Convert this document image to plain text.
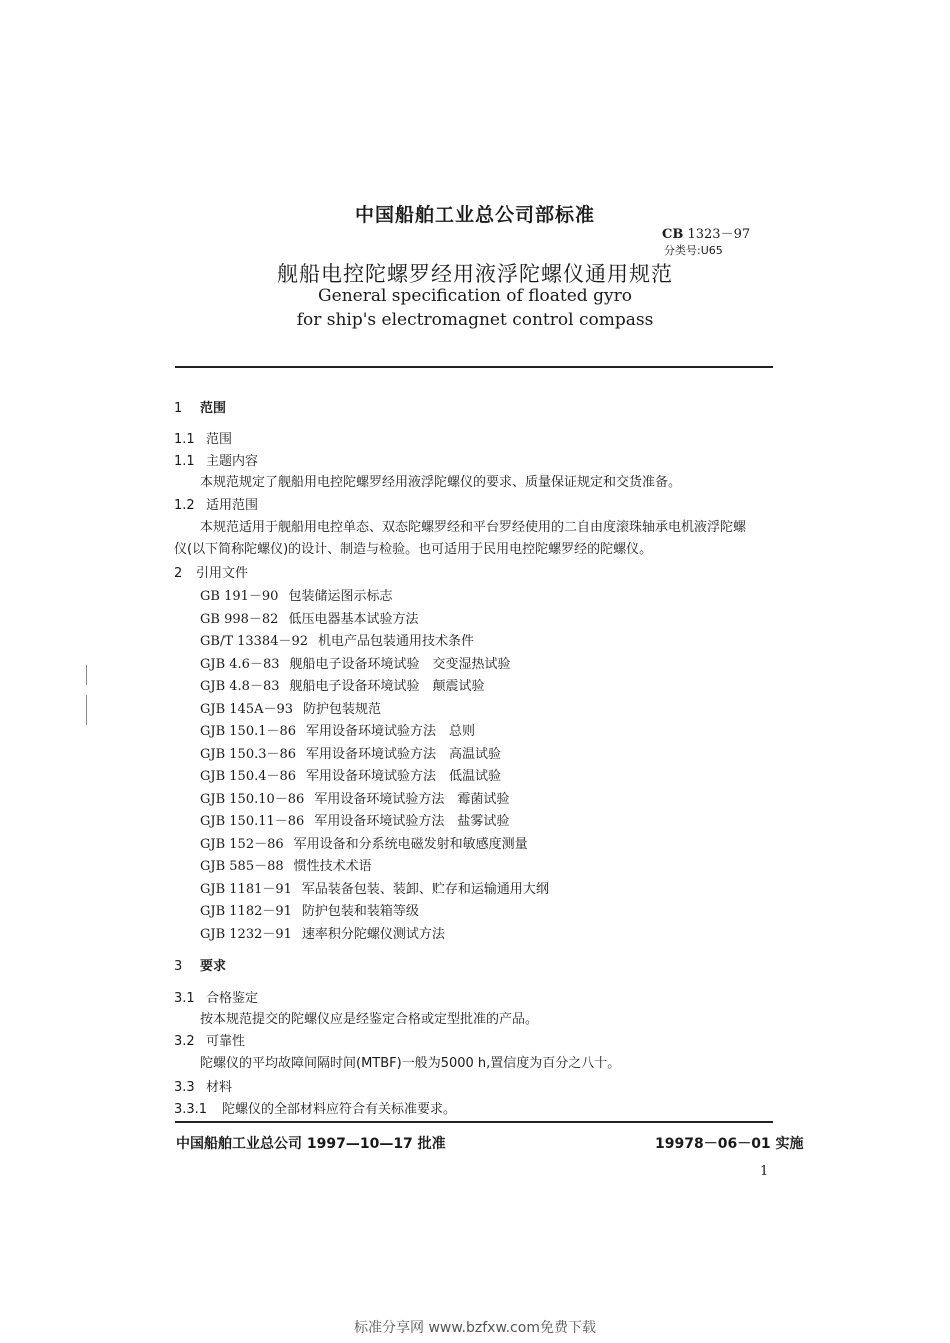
中国船舶工业总公司部标准
CB 1323－97
分类号:U65
舰船电控陀螺罗经用液浮陀螺仪通用规范
General specification of floated gyro
for ship's electromagnet control compass
1 范围
1.1 范围
1.1 主题内容
本规范规定了舰船用电控陀螺罗经用液浮陀螺仪的要求、质量保证规定和交货准备。
1.2 适用范围
本规范适用于舰船用电控单态、双态陀螺罗经和平台罗经使用的二自由度滚珠轴承电机液浮陀螺
仪(以下简称陀螺仪)的设计、制造与检验。也可适用于民用电控陀螺罗经的陀螺仪。
2 引用文件
GB 191－90 包装储运图示标志
GB 998－82 低压电器基本试验方法
GB/T 13384－92 机电产品包装通用技术条件
GJB 4.6－83 舰船电子设备环境试验　交变湿热试验
GJB 4.8－83 舰船电子设备环境试验　颠震试验
GJB 145A－93 防护包装规范
GJB 150.1－86 军用设备环境试验方法　总则
GJB 150.3－86 军用设备环境试验方法　高温试验
GJB 150.4－86 军用设备环境试验方法　低温试验
GJB 150.10－86 军用设备环境试验方法　霉菌试验
GJB 150.11－86 军用设备环境试验方法　盐雾试验
GJB 152－86 军用设备和分系统电磁发射和敏感度测量
GJB 585－88 惯性技术术语
GJB 1181－91 军品装备包装、装卸、贮存和运输通用大纲
GJB 1182－91 防护包装和装箱等级
GJB 1232－91 速率积分陀螺仪测试方法
3 要求
3.1 合格鉴定
按本规范提交的陀螺仪应是经鉴定合格或定型批准的产品。
3.2 可靠性
陀螺仪的平均故障间隔时间(MTBF)一般为5000 h,置信度为百分之八十。
3.3 材料
3.3.1 陀螺仪的全部材料应符合有关标准要求。
中国船舶工业总公司 1997—10—17 批准	19978－06－01 实施
1
标准分享网 www.bzfxw.com免费下载
